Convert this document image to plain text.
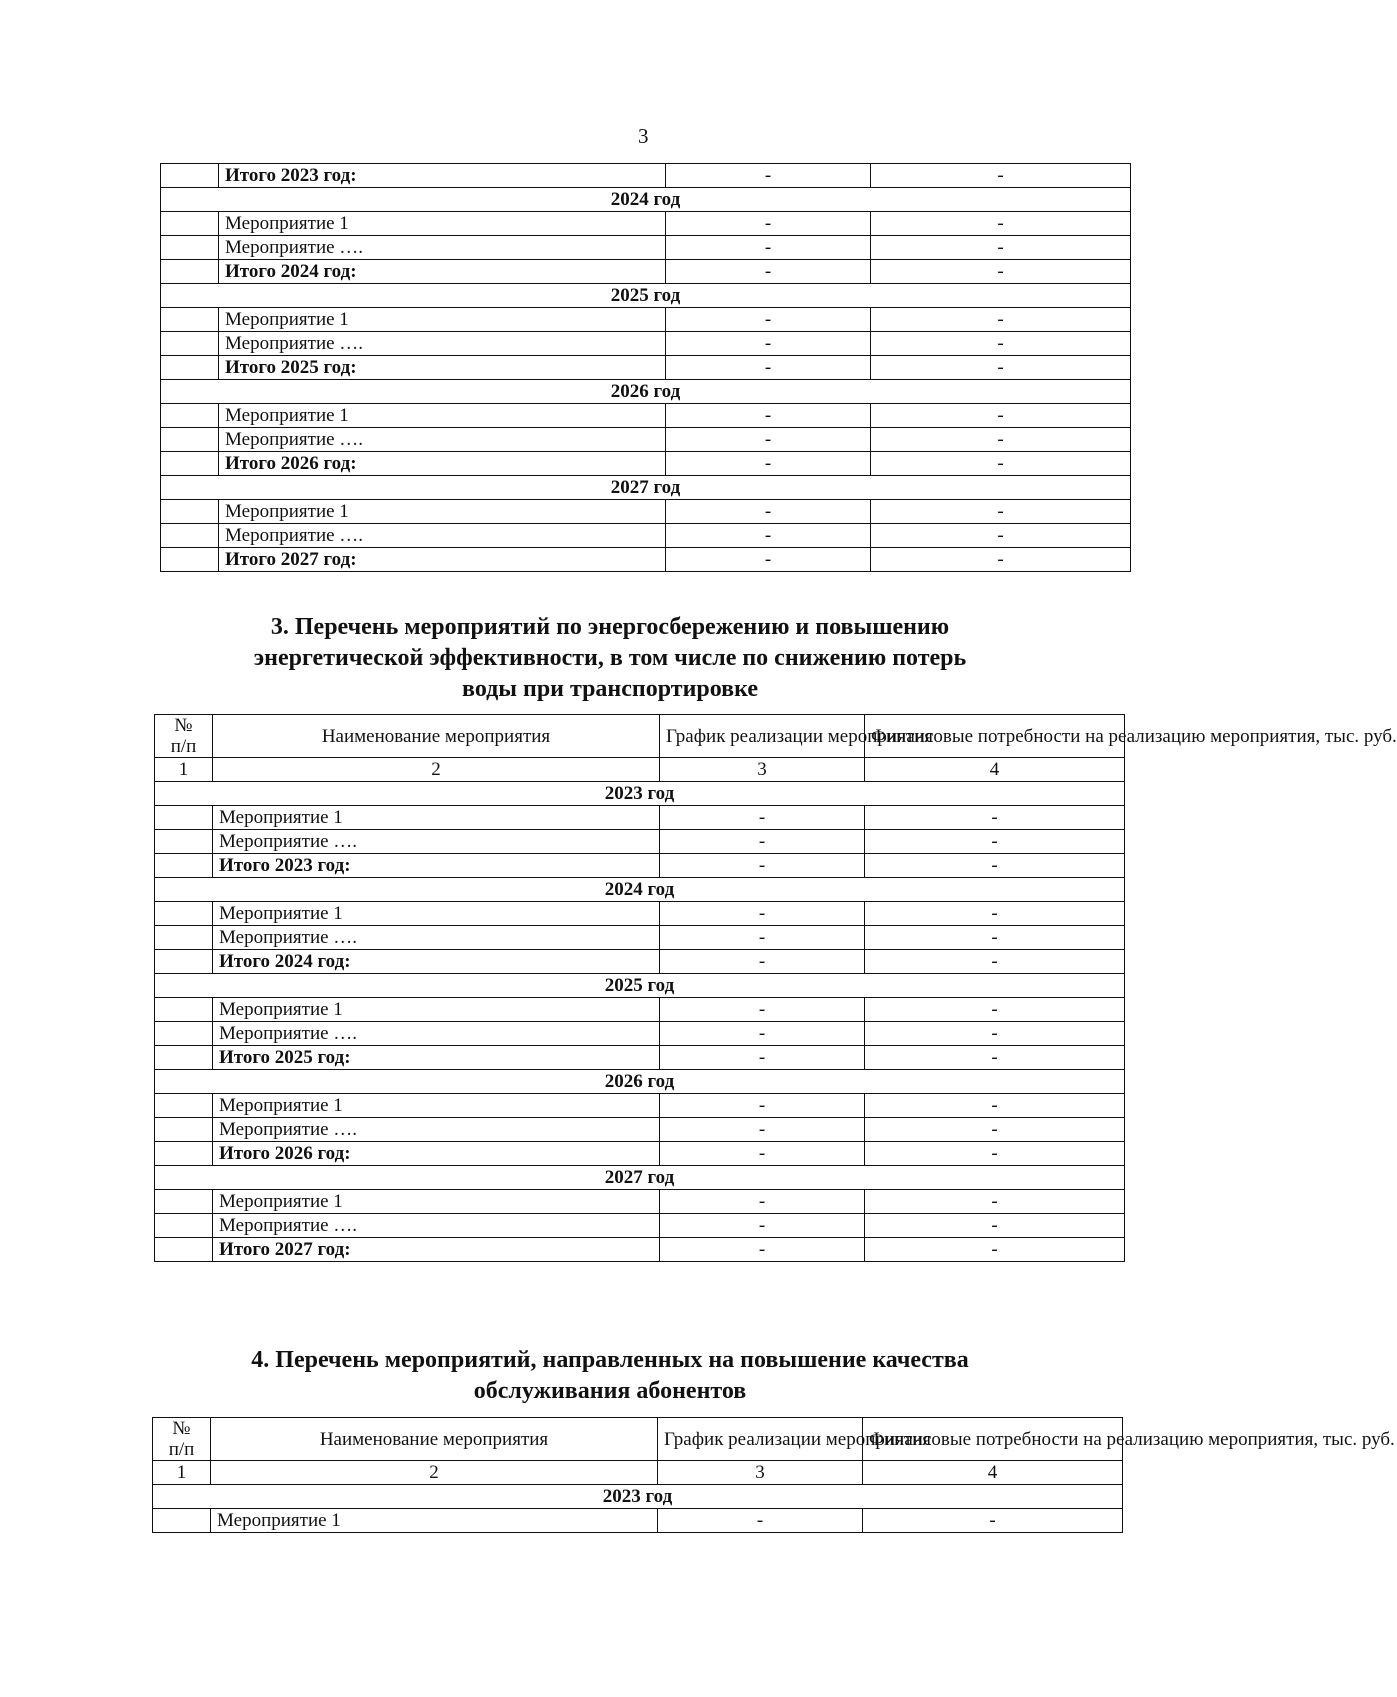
3
	Итого 2023 год:	-	-
2024 год			
	Мероприятие 1	-	-
	Мероприятие ….	-	-
	Итого 2024 год:	-	-
2025 год			
	Мероприятие 1	-	-
	Мероприятие ….	-	-
	Итого 2025 год:	-	-
2026 год			
	Мероприятие 1	-	-
	Мероприятие ….	-	-
	Итого 2026 год:	-	-
2027 год			
	Мероприятие 1	-	-
	Мероприятие ….	-	-
	Итого 2027 год:	-	-
3. Перечень мероприятий по энергосбережению и повышению
энергетической эффективности, в том числе по снижению потерь
воды при транспортировке
№
п/п	Наименование мероприятия	График реализации мероприятия	Финансовые потребности на реализацию мероприятия, тыс. руб.
1	2	3	4
2023 год			
	Мероприятие 1	-	-
	Мероприятие ….	-	-
	Итого 2023 год:	-	-
2024 год			
	Мероприятие 1	-	-
	Мероприятие ….	-	-
	Итого 2024 год:	-	-
2025 год			
	Мероприятие 1	-	-
	Мероприятие ….	-	-
	Итого 2025 год:	-	-
2026 год			
	Мероприятие 1	-	-
	Мероприятие ….	-	-
	Итого 2026 год:	-	-
2027 год			
	Мероприятие 1	-	-
	Мероприятие ….	-	-
	Итого 2027 год:	-	-
4. Перечень мероприятий, направленных на повышение качества
обслуживания абонентов
№
п/п	Наименование мероприятия	График реализации мероприятия	Финансовые потребности на реализацию мероприятия, тыс. руб.
1	2	3	4
2023 год			
	Мероприятие 1	-	-
